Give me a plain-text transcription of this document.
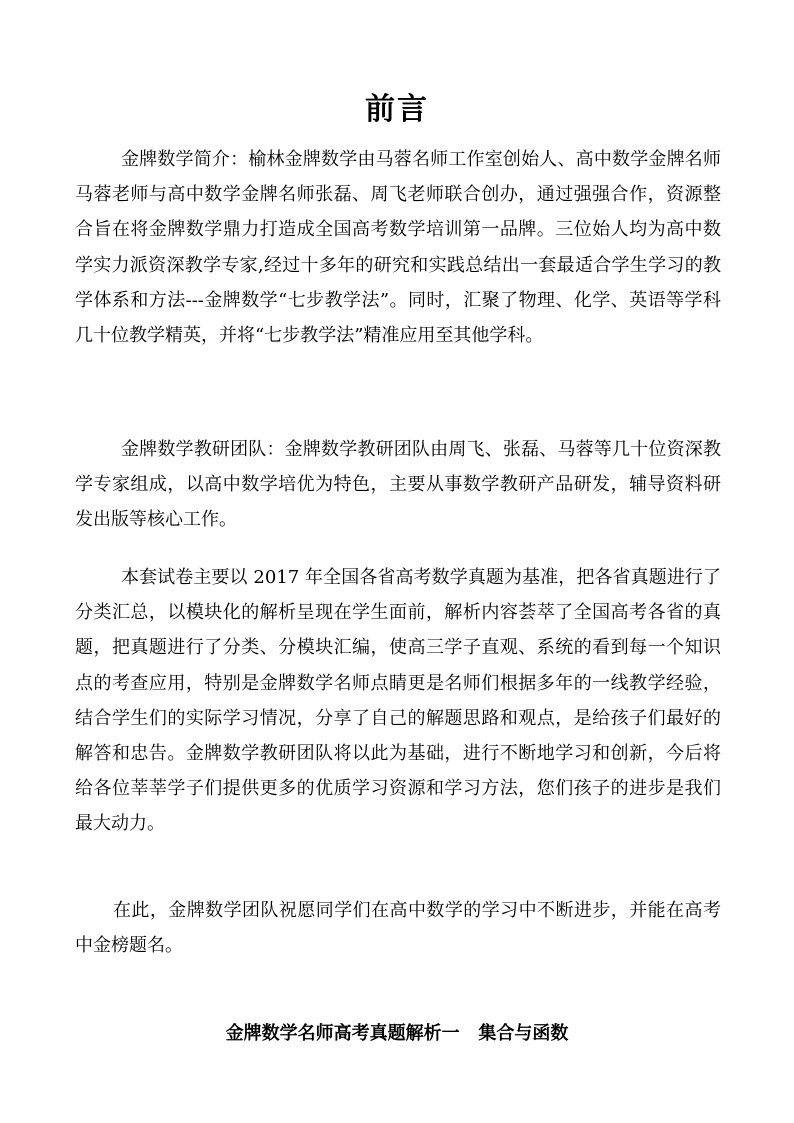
前言

金牌数学简介：榆林金牌数学由马蓉名师工作室创始人、高中数学金牌名师马蓉老师与高中数学金牌名师张磊、周飞老师联合创办，通过强强合作，资源整合旨在将金牌数学鼎力打造成全国高考数学培训第一品牌。三位始人均为高中数学实力派资深教学专家,经过十多年的研究和实践总结出一套最适合学生学习的教学体系和方法---金牌数学“七步教学法”。同时，汇聚了物理、化学、英语等学科几十位教学精英，并将“七步教学法”精准应用至其他学科。

金牌数学教研团队：金牌数学教研团队由周飞、张磊、马蓉等几十位资深教学专家组成，以高中数学培优为特色，主要从事数学教研产品研发，辅导资料研发出版等核心工作。

本套试卷主要以 2017 年全国各省高考数学真题为基准，把各省真题进行了分类汇总，以模块化的解析呈现在学生面前，解析内容荟萃了全国高考各省的真题，把真题进行了分类、分模块汇编，使高三学子直观、系统的看到每一个知识点的考查应用，特别是金牌数学名师点睛更是名师们根据多年的一线教学经验，结合学生们的实际学习情况，分享了自己的解题思路和观点，是给孩子们最好的解答和忠告。金牌数学教研团队将以此为基础，进行不断地学习和创新，今后将给各位莘莘学子们提供更多的优质学习资源和学习方法，您们孩子的进步是我们最大动力。

在此，金牌数学团队祝愿同学们在高中数学的学习中不断进步，并能在高考中金榜题名。

金牌数学名师高考真题解析一   集合与函数
